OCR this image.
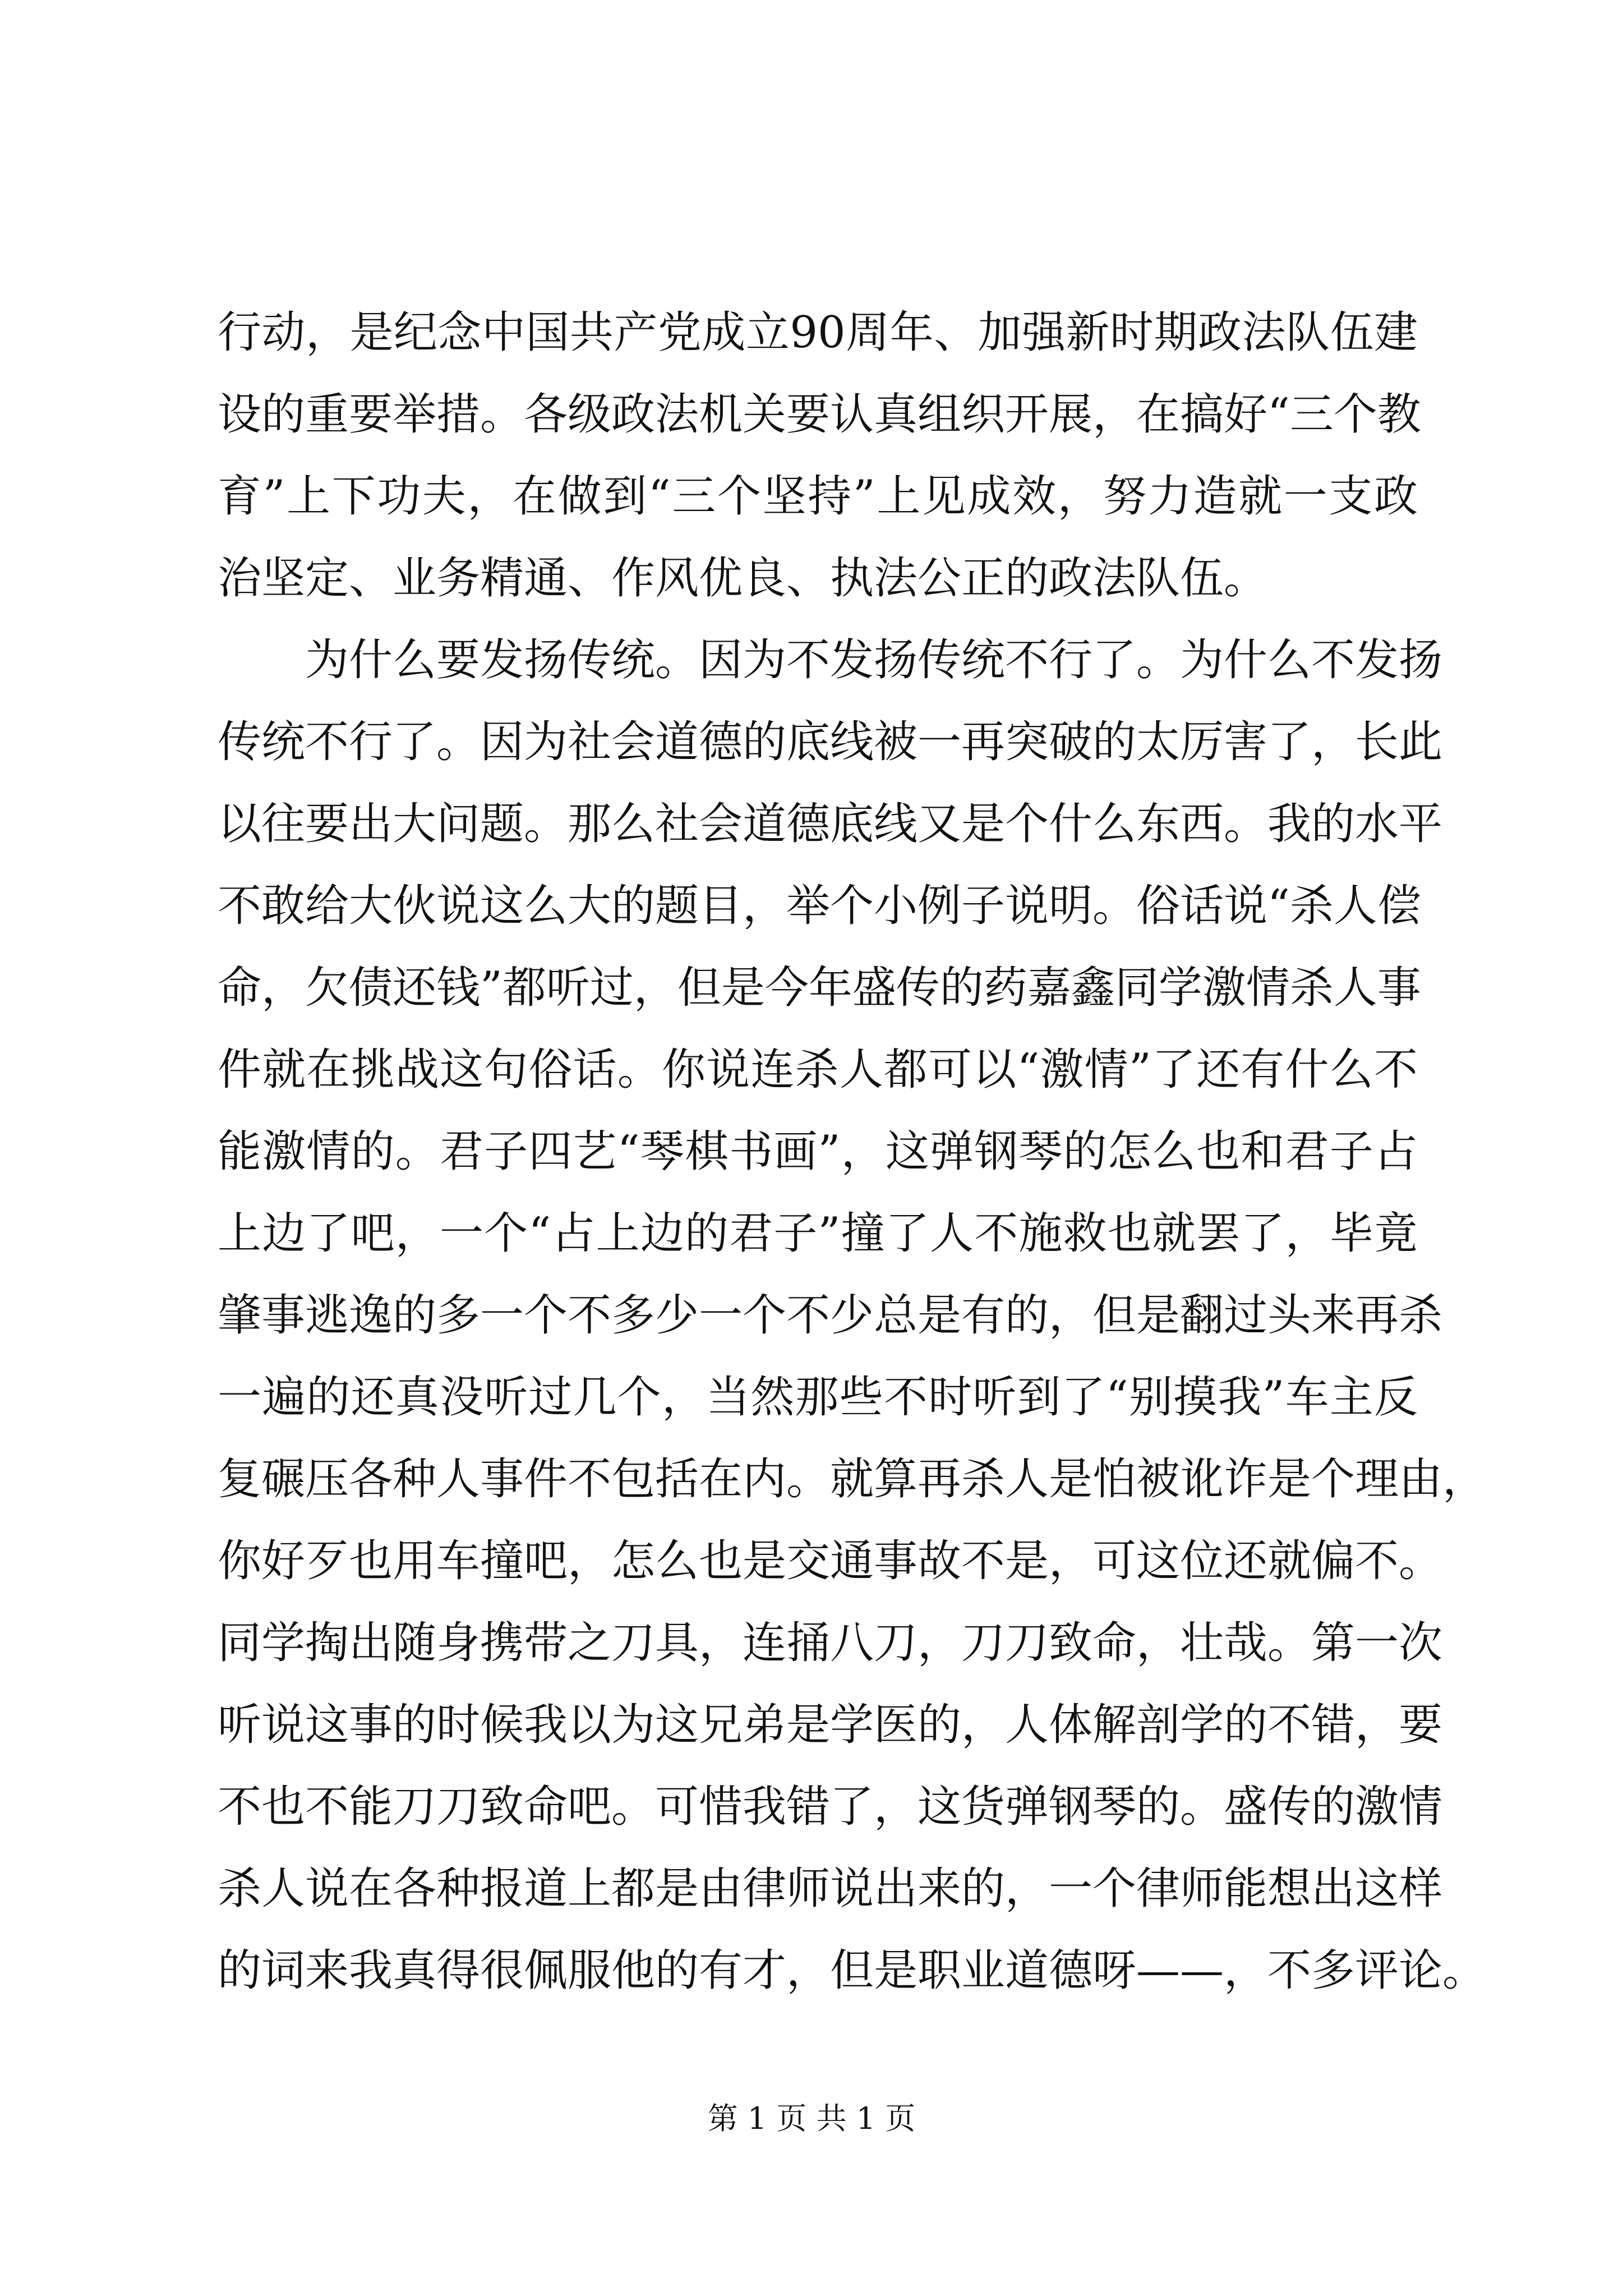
行动，是纪念中国共产党成立90周年、加强新时期政法队伍建
设的重要举措。各级政法机关要认真组织开展，在搞好“三个教
育”上下功夫，在做到“三个坚持”上见成效，努力造就一支政
治坚定、业务精通、作风优良、执法公正的政法队伍。
为什么要发扬传统。因为不发扬传统不行了。为什么不发扬
传统不行了。因为社会道德的底线被一再突破的太厉害了，长此
以往要出大问题。那么社会道德底线又是个什么东西。我的水平
不敢给大伙说这么大的题目，举个小例子说明。俗话说“杀人偿
命，欠债还钱”都听过，但是今年盛传的药嘉鑫同学激情杀人事
件就在挑战这句俗话。你说连杀人都可以“激情”了还有什么不
能激情的。君子四艺“琴棋书画”，这弹钢琴的怎么也和君子占
上边了吧，一个“占上边的君子”撞了人不施救也就罢了，毕竟
肇事逃逸的多一个不多少一个不少总是有的，但是翻过头来再杀
一遍的还真没听过几个，当然那些不时听到了“别摸我”车主反
复碾压各种人事件不包括在内。就算再杀人是怕被讹诈是个理由，
你好歹也用车撞吧，怎么也是交通事故不是，可这位还就偏不。
同学掏出随身携带之刀具，连捅八刀，刀刀致命，壮哉。第一次
听说这事的时候我以为这兄弟是学医的，人体解剖学的不错，要
不也不能刀刀致命吧。可惜我错了，这货弹钢琴的。盛传的激情
杀人说在各种报道上都是由律师说出来的，一个律师能想出这样
的词来我真得很佩服他的有才，但是职业道德呀——，不多评论。
第 1 页 共 1 页
